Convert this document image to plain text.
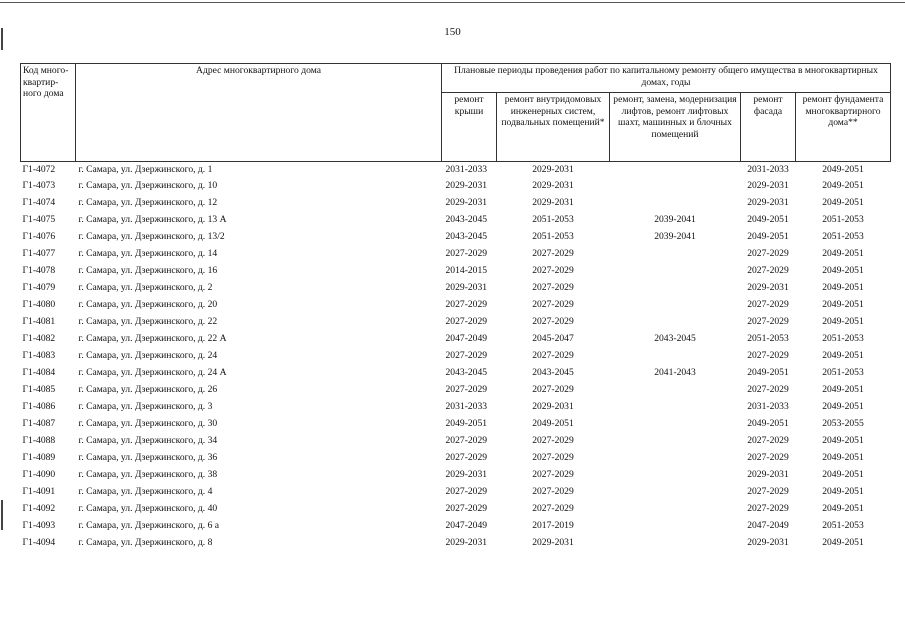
150
Код много-квартир-ного дома	Адрес многоквартирного дома	Плановые периоды проведения работ по капитальному ремонту общего имущества в многоквартирных домах, годы				
		ремонт крыши	ремонт внутридомовых инженерных систем, подвальных помещений*	ремонт, замена, модернизация лифтов, ремонт лифтовых шахт, машинных и блочных помещений	ремонт фасада	ремонт фундамента многоквартирного дома**
Г1-4072	г. Самара, ул. Дзержинского, д. 1	2031-2033	2029-2031		2031-2033	2049-2051
Г1-4073	г. Самара, ул. Дзержинского, д. 10	2029-2031	2029-2031		2029-2031	2049-2051
Г1-4074	г. Самара, ул. Дзержинского, д. 12	2029-2031	2029-2031		2029-2031	2049-2051
Г1-4075	г. Самара, ул. Дзержинского, д. 13 А	2043-2045	2051-2053	2039-2041	2049-2051	2051-2053
Г1-4076	г. Самара, ул. Дзержинского, д. 13/2	2043-2045	2051-2053	2039-2041	2049-2051	2051-2053
Г1-4077	г. Самара, ул. Дзержинского, д. 14	2027-2029	2027-2029		2027-2029	2049-2051
Г1-4078	г. Самара, ул. Дзержинского, д. 16	2014-2015	2027-2029		2027-2029	2049-2051
Г1-4079	г. Самара, ул. Дзержинского, д. 2	2029-2031	2027-2029		2029-2031	2049-2051
Г1-4080	г. Самара, ул. Дзержинского, д. 20	2027-2029	2027-2029		2027-2029	2049-2051
Г1-4081	г. Самара, ул. Дзержинского, д. 22	2027-2029	2027-2029		2027-2029	2049-2051
Г1-4082	г. Самара, ул. Дзержинского, д. 22 А	2047-2049	2045-2047	2043-2045	2051-2053	2051-2053
Г1-4083	г. Самара, ул. Дзержинского, д. 24	2027-2029	2027-2029		2027-2029	2049-2051
Г1-4084	г. Самара, ул. Дзержинского, д. 24 А	2043-2045	2043-2045	2041-2043	2049-2051	2051-2053
Г1-4085	г. Самара, ул. Дзержинского, д. 26	2027-2029	2027-2029		2027-2029	2049-2051
Г1-4086	г. Самара, ул. Дзержинского, д. 3	2031-2033	2029-2031		2031-2033	2049-2051
Г1-4087	г. Самара, ул. Дзержинского, д. 30	2049-2051	2049-2051		2049-2051	2053-2055
Г1-4088	г. Самара, ул. Дзержинского, д. 34	2027-2029	2027-2029		2027-2029	2049-2051
Г1-4089	г. Самара, ул. Дзержинского, д. 36	2027-2029	2027-2029		2027-2029	2049-2051
Г1-4090	г. Самара, ул. Дзержинского, д. 38	2029-2031	2027-2029		2029-2031	2049-2051
Г1-4091	г. Самара, ул. Дзержинского, д. 4	2027-2029	2027-2029		2027-2029	2049-2051
Г1-4092	г. Самара, ул. Дзержинского, д. 40	2027-2029	2027-2029		2027-2029	2049-2051
Г1-4093	г. Самара, ул. Дзержинского, д. 6 а	2047-2049	2017-2019		2047-2049	2051-2053
Г1-4094	г. Самара, ул. Дзержинского, д. 8	2029-2031	2029-2031		2029-2031	2049-2051
